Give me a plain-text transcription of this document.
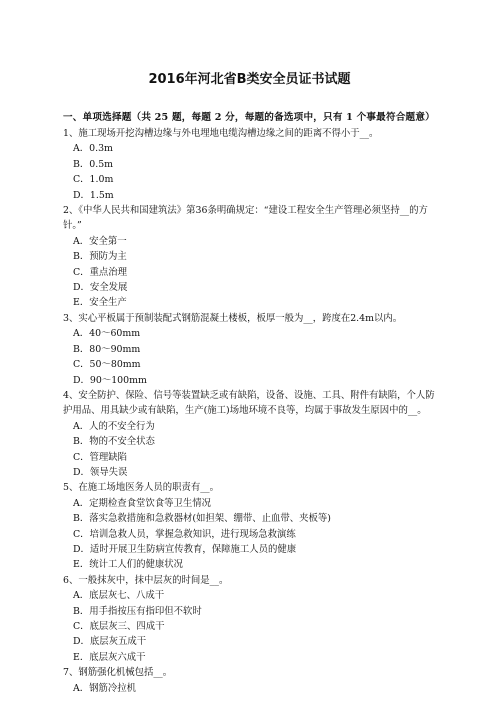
2016年河北省B类安全员证书试题

一、单项选择题（共 25 题，每题 2 分，每题的备选项中，只有 1 个事最符合题意）

1、施工现场开挖沟槽边缘与外电埋地电缆沟槽边缘之间的距离不得小于__。

A．0.3m

B．0.5m

C．1.0m

D．1.5m

2、《中华人民共和国建筑法》第36条明确规定：“建设工程安全生产管理必须坚持__的方针。”

A．安全第一

B．预防为主

C．重点治理

D．安全发展

E．安全生产

3、实心平板属于预制装配式钢筋混凝土楼板，板厚一般为__，跨度在2.4m以内。

A．40～60mm

B．80～90mm

C．50～80mm

D．90～100mm

4、安全防护、保险、信号等装置缺乏或有缺陷，设备、设施、工具、附件有缺陷，个人防护用品、用具缺少或有缺陷，生产(施工)场地环境不良等，均属于事故发生原因中的__。

A．人的不安全行为

B．物的不安全状态

C．管理缺陷

D．领导失误

5、在施工场地医务人员的职责有__。

A．定期检查食堂饮食等卫生情况

B．落实急救措施和急救器材(如担架、绷带、止血带、夹板等)

C．培训急救人员，掌握急救知识，进行现场急救演练

D．适时开展卫生防病宣传教育，保障施工人员的健康

E．统计工人们的健康状况

6、一般抹灰中，抹中层灰的时间是__。

A．底层灰七、八成干

B．用手指按压有指印但不软时

C．底层灰三、四成干

D．底层灰五成干

E．底层灰六成干

7、钢筋强化机械包括__。

A．钢筋冷拉机
